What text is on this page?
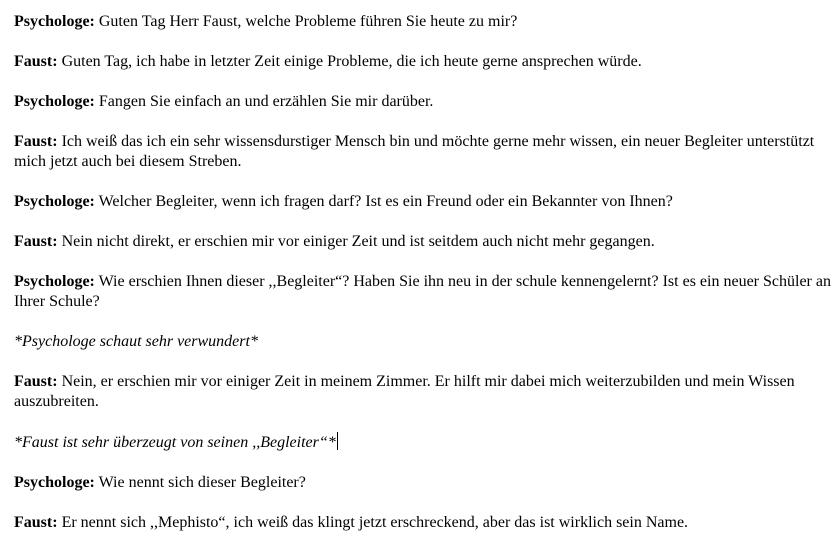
Psychologe: Guten Tag Herr Faust, welche Probleme führen Sie heute zu mir?

Faust: Guten Tag, ich habe in letzter Zeit einige Probleme, die ich heute gerne ansprechen würde.

Psychologe: Fangen Sie einfach an und erzählen Sie mir darüber.

Faust: Ich weiß das ich ein sehr wissensdurstiger Mensch bin und möchte gerne mehr wissen, ein neuer Begleiter unterstützt mich jetzt auch bei diesem Streben.

Psychologe: Welcher Begleiter, wenn ich fragen darf? Ist es ein Freund oder ein Bekannter von Ihnen?

Faust: Nein nicht direkt, er erschien mir vor einiger Zeit und ist seitdem auch nicht mehr gegangen.

Psychologe: Wie erschien Ihnen dieser ,,Begleiter“? Haben Sie ihn neu in der schule kennengelernt? Ist es ein neuer Schüler an Ihrer Schule?

*Psychologe schaut sehr verwundert*

Faust: Nein, er erschien mir vor einiger Zeit in meinem Zimmer. Er hilft mir dabei mich weiterzubilden und mein Wissen auszubreiten.

*Faust ist sehr überzeugt von seinen ,,Begleiter“*

Psychologe: Wie nennt sich dieser Begleiter?

Faust: Er nennt sich ,,Mephisto“, ich weiß das klingt jetzt erschreckend, aber das ist wirklich sein Name.
